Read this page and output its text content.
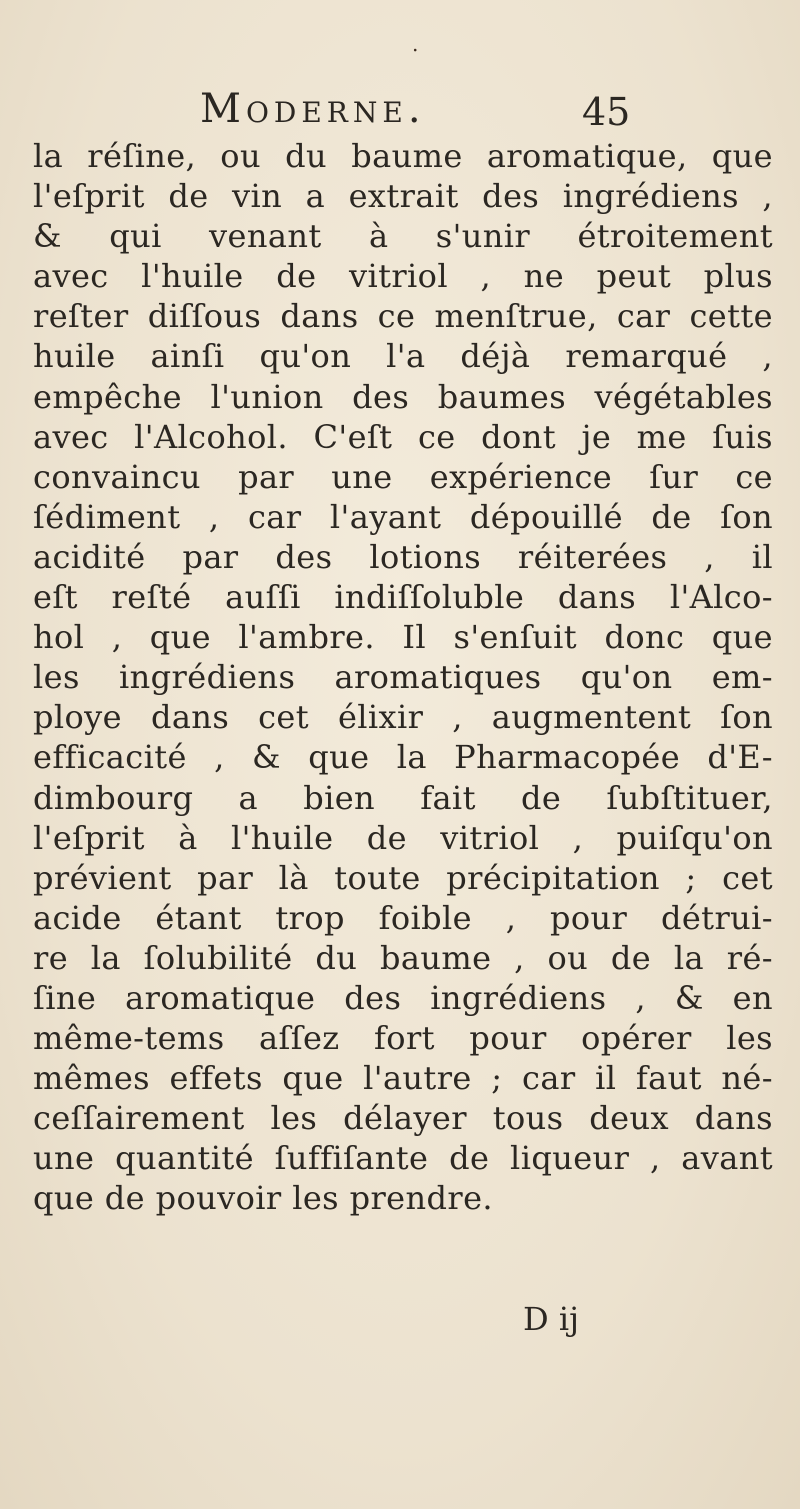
·
Moderne.	45
la réſine, ou du baume aromatique, que
l'eſprit de vin a extrait des ingrédiens ,
& qui venant à s'unir étroitement
avec l'huile de vitriol , ne peut plus
reſter diſſous dans ce menſtrue, car cette
huile ainſi qu'on l'a déjà remarqué ,
empêche l'union des baumes végétables
avec l'Alcohol. C'eſt ce dont je me ſuis
convaincu par une expérience ſur ce
ſédiment , car l'ayant dépouillé de ſon
acidité par des lotions réiterées , il
eſt reſté auſſi indiſſoluble dans l'Alco-
hol , que l'ambre. Il s'enſuit donc que
les ingrédiens aromatiques qu'on em-
ploye dans cet élixir , augmentent ſon
efficacité , & que la Pharmacopée d'E-
dimbourg a bien fait de ſubſtituer,
l'eſprit à l'huile de vitriol , puiſqu'on
prévient par là toute précipitation ; cet
acide étant trop foible , pour détrui-
re la ſolubilité du baume , ou de la ré-
ſine aromatique des ingrédiens , & en
même-tems aſſez fort pour opérer les
mêmes effets que l'autre ; car il faut né-
ceſſairement les délayer tous deux dans
une quantité ſuffiſante de liqueur , avant
que de pouvoir les prendre.
D ij
